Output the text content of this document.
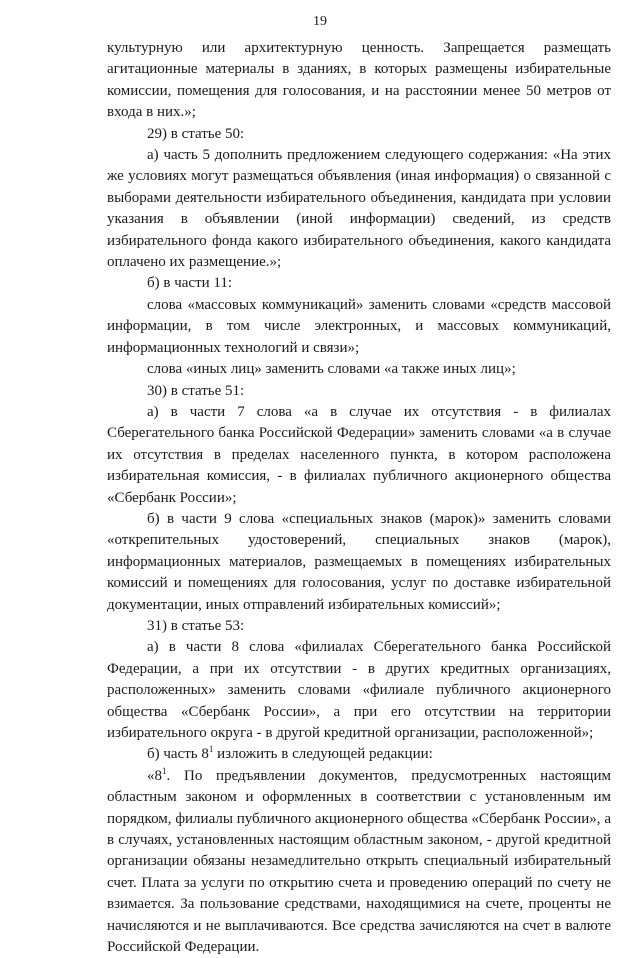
19

культурную или архитектурную ценность. Запрещается размещать агитационные материалы в зданиях, в которых размещены избирательные комиссии, помещения для голосования, и на расстоянии менее 50 метров от входа в них.»;

29) в статье 50:

а) часть 5 дополнить предложением следующего содержания: «На этих же условиях могут размещаться объявления (иная информация) о связанной с выборами деятельности избирательного объединения, кандидата при условии указания в объявлении (иной информации) сведений, из средств избирательного фонда какого избирательного объединения, какого кандидата оплачено их размещение.»;

б) в части 11:

слова «массовых коммуникаций» заменить словами «средств массовой информации, в том числе электронных, и массовых коммуникаций, информационных технологий и связи»;

слова «иных лиц» заменить словами «а также иных лиц»;

30) в статье 51:

а) в части 7 слова «а в случае их отсутствия - в филиалах Сберегательного банка Российской Федерации» заменить словами «а в случае их отсутствия в пределах населенного пункта, в котором расположена избирательная комиссия, - в филиалах публичного акционерного общества «Сбербанк России»;

б) в части 9 слова «специальных знаков (марок)» заменить словами «открепительных удостоверений, специальных знаков (марок), информационных материалов, размещаемых в помещениях избирательных комиссий и помещениях для голосования, услуг по доставке избирательной документации, иных отправлений избирательных комиссий»;

31) в статье 53:

а) в части 8 слова «филиалах Сберегательного банка Российской Федерации, а при их отсутствии - в других кредитных организациях, расположенных» заменить словами «филиале публичного акционерного общества «Сбербанк России», а при его отсутствии на территории избирательного округа - в другой кредитной организации, расположенной»;

б) часть $8^1$ изложить в следующей редакции:

«$8^1$. По предъявлении документов, предусмотренных настоящим областным законом и оформленных в соответствии с установленным им порядком, филиалы публичного акционерного общества «Сбербанк России», а в случаях, установленных настоящим областным законом, - другой кредитной организации обязаны незамедлительно открыть специальный избирательный счет. Плата за услуги по открытию счета и проведению операций по счету не взимается. За пользование средствами, находящимися на счете, проценты не начисляются и не выплачиваются. Все средства зачисляются на счет в валюте Российской Федерации.
